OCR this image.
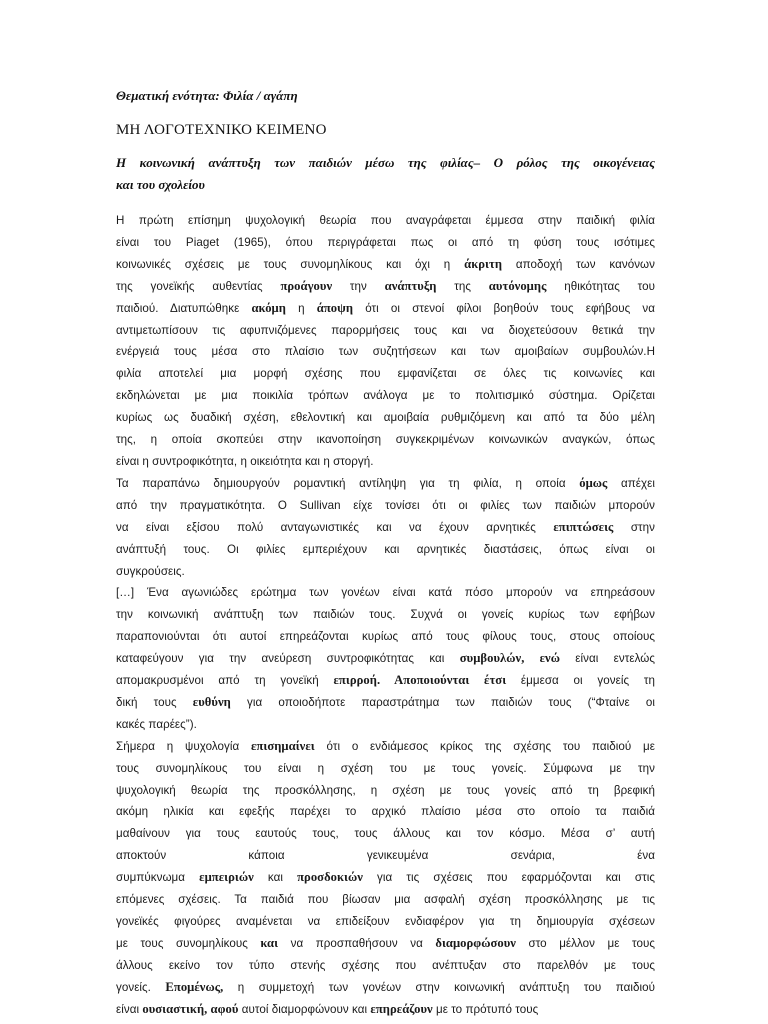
Θεματική ενότητα: Φιλία / αγάπη
ΜΗ ΛΟΓΟΤΕΧΝΙΚΟ ΚΕΙΜΕΝΟ
Η κοινωνική ανάπτυξη των παιδιών μέσω της φιλίας– Ο ρόλος της οικογένειας
και του σχολείου
Η πρώτη επίσημη ψυχολογική θεωρία που αναγράφεται έμμεσα στην παιδική φιλία
είναι του Piaget (1965), όπου περιγράφεται πως οι από τη φύση τους ισότιμες
κοινωνικές σχέσεις με τους συνομηλίκους και όχι η άκριτη αποδοχή των κανόνων
της γονεϊκής αυθεντίας προάγουν την ανάπτυξη της αυτόνομης ηθικότητας του
παιδιού. Διατυπώθηκε ακόμη η άποψη ότι οι στενοί φίλοι βοηθούν τους εφήβους να
αντιμετωπίσουν τις αφυπνιζόμενες παρορμήσεις τους και να διοχετεύσουν θετικά την
ενέργειά τους μέσα στο πλαίσιο των συζητήσεων και των αμοιβαίων συμβουλών.Η
φιλία αποτελεί μια μορφή σχέσης που εμφανίζεται σε όλες τις κοινωνίες και
εκδηλώνεται με μια ποικιλία τρόπων ανάλογα με το πολιτισμικό σύστημα. Ορίζεται
κυρίως ως δυαδική σχέση, εθελοντική και αμοιβαία ρυθμιζόμενη και από τα δύο μέλη
της, η οποία σκοπεύει στην ικανοποίηση συγκεκριμένων κοινωνικών αναγκών, όπως
είναι η συντροφικότητα, η οικειότητα και η στοργή.
Τα παραπάνω δημιουργούν ρομαντική αντίληψη για τη φιλία, η οποία όμως απέχει
από την πραγματικότητα. Ο Sullivan είχε τονίσει ότι οι φιλίες των παιδιών μπορούν
να είναι εξίσου πολύ ανταγωνιστικές και να έχουν αρνητικές επιπτώσεις στην
ανάπτυξή τους. Οι φιλίες εμπεριέχουν και αρνητικές διαστάσεις, όπως είναι οι
συγκρούσεις.
[…] Ένα αγωνιώδες ερώτημα των γονέων είναι κατά πόσο μπορούν να επηρεάσουν
την κοινωνική ανάπτυξη των παιδιών τους. Συχνά οι γονείς κυρίως των εφήβων
παραπονιούνται ότι αυτοί επηρεάζονται κυρίως από τους φίλους τους, στους οποίους
καταφεύγουν για την ανεύρεση συντροφικότητας και συμβουλών, ενώ είναι εντελώς
απομακρυσμένοι από τη γονεϊκή επιρροή. Αποποιούνται έτσι έμμεσα οι γονείς τη
δική τους ευθύνη για οποιοδήποτε παραστράτημα των παιδιών τους (“Φταίνε οι
κακές παρέες”).
Σήμερα η ψυχολογία επισημαίνει ότι ο ενδιάμεσος κρίκος της σχέσης του παιδιού με
τους συνομηλίκους του είναι η σχέση του με τους γονείς. Σύμφωνα με την
ψυχολογική θεωρία της προσκόλλησης, η σχέση με τους γονείς από τη βρεφική
ακόμη ηλικία και εφεξής παρέχει το αρχικό πλαίσιο μέσα στο οποίο τα παιδιά
μαθαίνουν για τους εαυτούς τους, τους άλλους και τον κόσμο. Μέσα σ’ αυτή
αποκτούν κάποια γενικευμένα σενάρια, ένα
συμπύκνωμα εμπειριών και προσδοκιών για τις σχέσεις που εφαρμόζονται και στις
επόμενες σχέσεις. Τα παιδιά που βίωσαν μια ασφαλή σχέση προσκόλλησης με τις
γονεϊκές φιγούρες αναμένεται να επιδείξουν ενδιαφέρον για τη δημιουργία σχέσεων
με τους συνομηλίκους και να προσπαθήσουν να διαμορφώσουν στο μέλλον με τους
άλλους εκείνο τον τύπο στενής σχέσης που ανέπτυξαν στο παρελθόν με τους
γονείς. Επομένως, η συμμετοχή των γονέων στην κοινωνική ανάπτυξη του παιδιού
είναι ουσιαστική, αφού αυτοί διαμορφώνουν και επηρεάζουν με το πρότυπό τους
